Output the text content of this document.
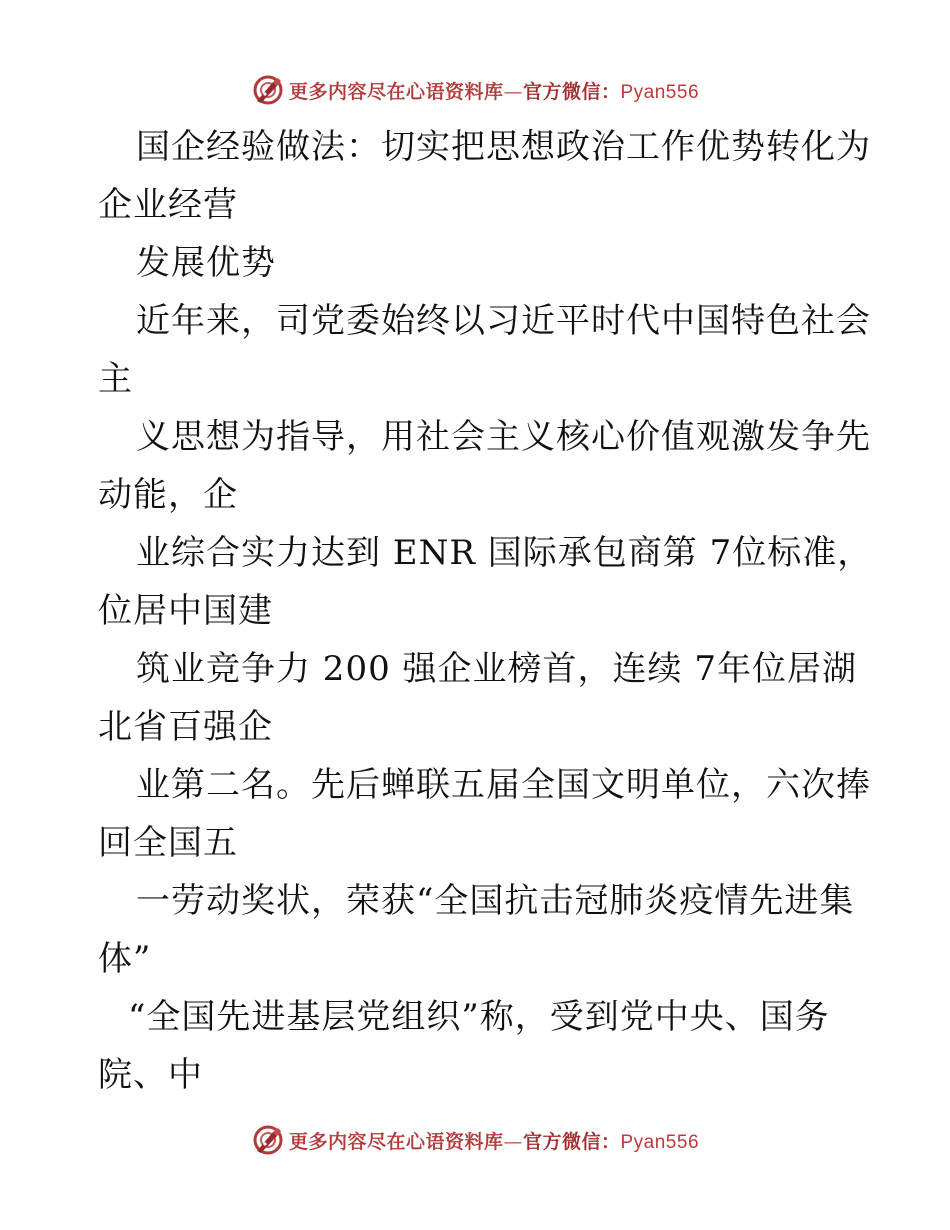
更多内容尽在心语资料库—官方微信：Pyan556
国企经验做法：切实把思想政治工作优势转化为
企业经营
发展优势
近年来，司党委始终以习近平时代中国特色社会
主
义思想为指导，用社会主义核心价值观激发争先
动能，企
业综合实力达到 ENR 国际承包商第 7位标准，
位居中国建
筑业竞争力 200 强企业榜首，连续 7年位居湖
北省百强企
业第二名。先后蝉联五届全国文明单位，六次捧
回全国五
一劳动奖状，荣获“全国抗击冠肺炎疫情先进集
体”
“全国先进基层党组织”称，受到党中央、国务
院、中
更多内容尽在心语资料库—官方微信：Pyan556
